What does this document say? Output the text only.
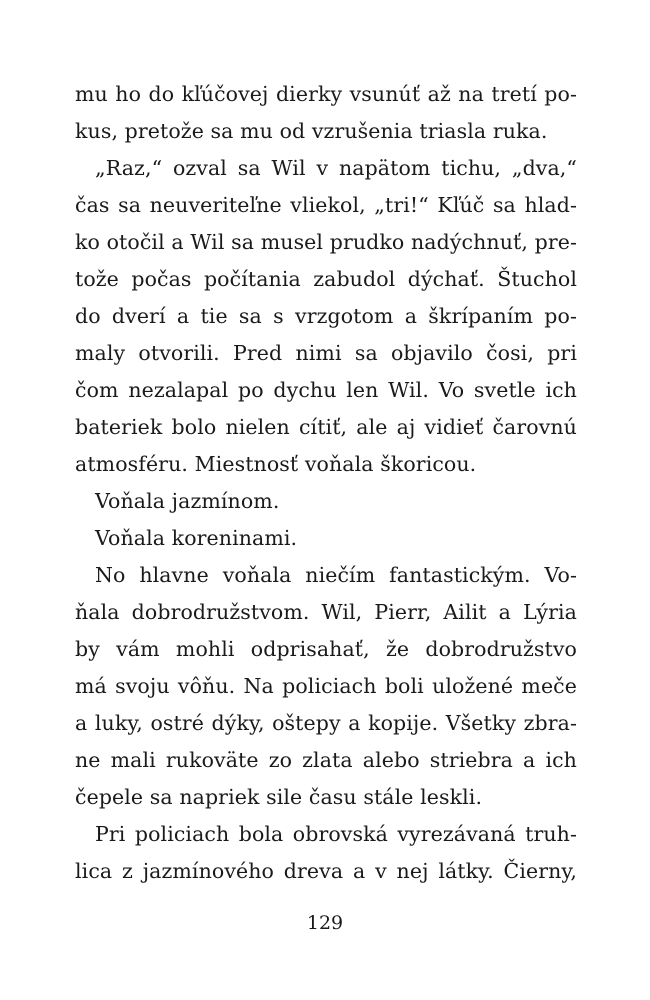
mu ho do kľúčovej dierky vsunúť až na tretí po-
kus, pretože sa mu od vzrušenia triasla ruka.
„Raz,“ ozval sa Wil v napätom tichu, „dva,“
čas sa neuveriteľne vliekol, „tri!“ Kľúč sa hlad-
ko otočil a Wil sa musel prudko nadýchnuť, pre-
tože počas počítania zabudol dýchať. Štuchol
do dverí a tie sa s vrzgotom a škrípaním po-
maly otvorili. Pred nimi sa objavilo čosi, pri
čom nezalapal po dychu len Wil. Vo svetle ich
bateriek bolo nielen cítiť, ale aj vidieť čarovnú
atmosféru. Miestnosť voňala škoricou.
Voňala jazmínom.
Voňala koreninami.
No hlavne voňala niečím fantastickým. Vo-
ňala dobrodružstvom. Wil, Pierr, Ailit a Lýria
by vám mohli odprisahať, že dobrodružstvo
má svoju vôňu. Na policiach boli uložené meče
a luky, ostré dýky, oštepy a kopije. Všetky zbra-
ne mali rukoväte zo zlata alebo striebra a ich
čepele sa napriek sile času stále leskli.
Pri policiach bola obrovská vyrezávaná truh-
lica z jazmínového dreva a v nej látky. Čierny,
129
